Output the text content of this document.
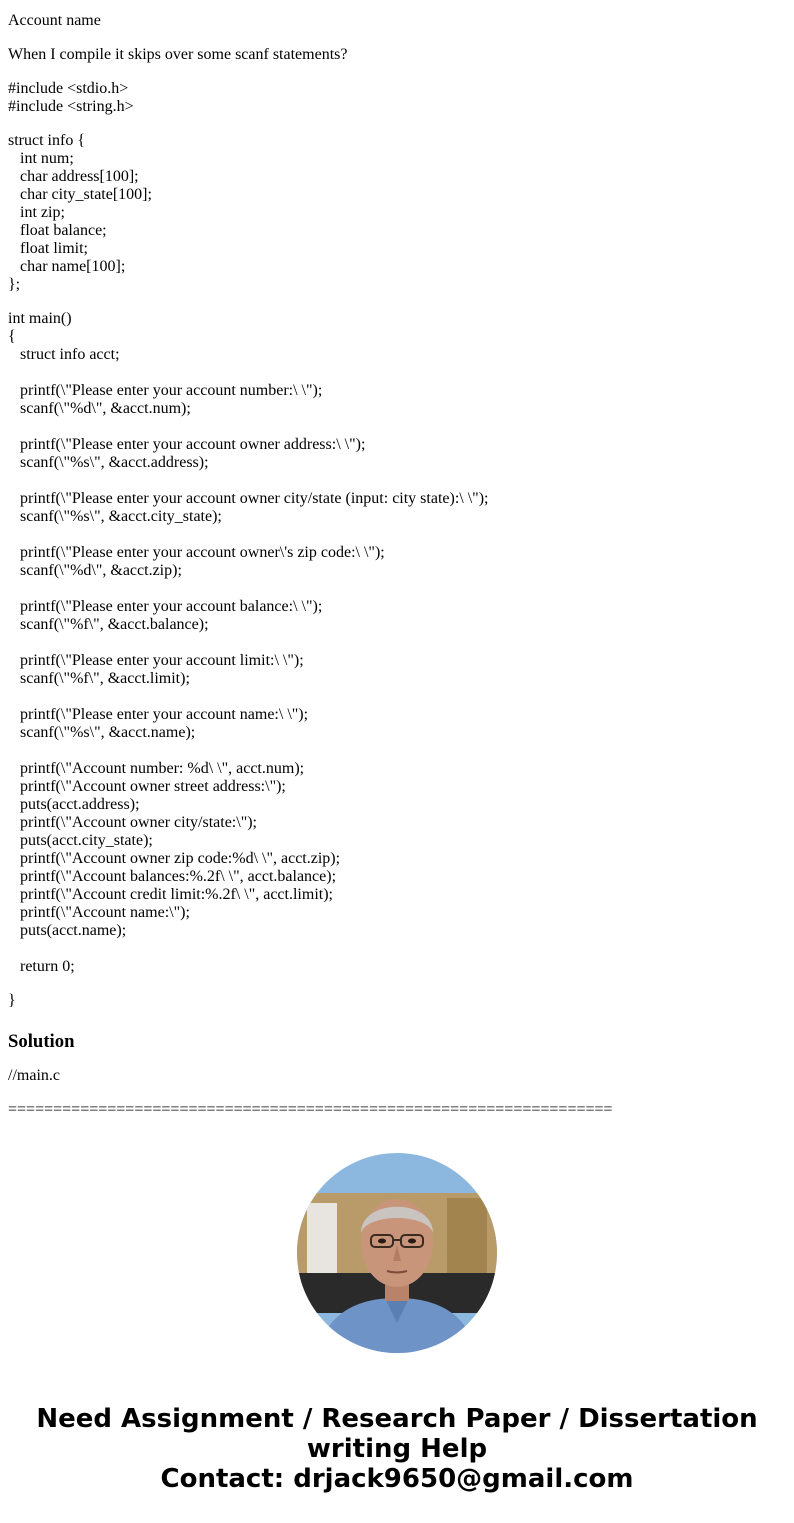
Account name

When I compile it skips over some scanf statements?

#include <stdio.h>
#include <string.h>
struct info {
int num;
char address[100];
char city_state[100];
int zip;
float balance;
float limit;
char name[100];
};
int main()
{
struct info acct;

printf(\"Please enter your account number:\ \");
scanf(\"%d\", &acct.num);

printf(\"Please enter your account owner address:\ \");
scanf(\"%s\", &acct.address);

printf(\"Please enter your account owner city/state (input: city state):\ \");
scanf(\"%s\", &acct.city_state);

printf(\"Please enter your account owner\'s zip code:\ \");
scanf(\"%d\", &acct.zip);

printf(\"Please enter your account balance:\ \");
scanf(\"%f\", &acct.balance);

printf(\"Please enter your account limit:\ \");
scanf(\"%f\", &acct.limit);

printf(\"Please enter your account name:\ \");
scanf(\"%s\", &acct.name);

printf(\"Account number: %d\ \", acct.num);
printf(\"Account owner street address:\");
puts(acct.address);
printf(\"Account owner city/state:\");
puts(acct.city_state);
printf(\"Account owner zip code:%d\ \", acct.zip);
printf(\"Account balances:%.2f\ \", acct.balance);
printf(\"Account credit limit:%.2f\ \", acct.limit);
printf(\"Account name:\");
puts(acct.name);

return 0;
}
Solution

//main.c

===================================================================

Need Assignment / Research Paper / Dissertation
writing Help
Contact: drjack9650@gmail.com
